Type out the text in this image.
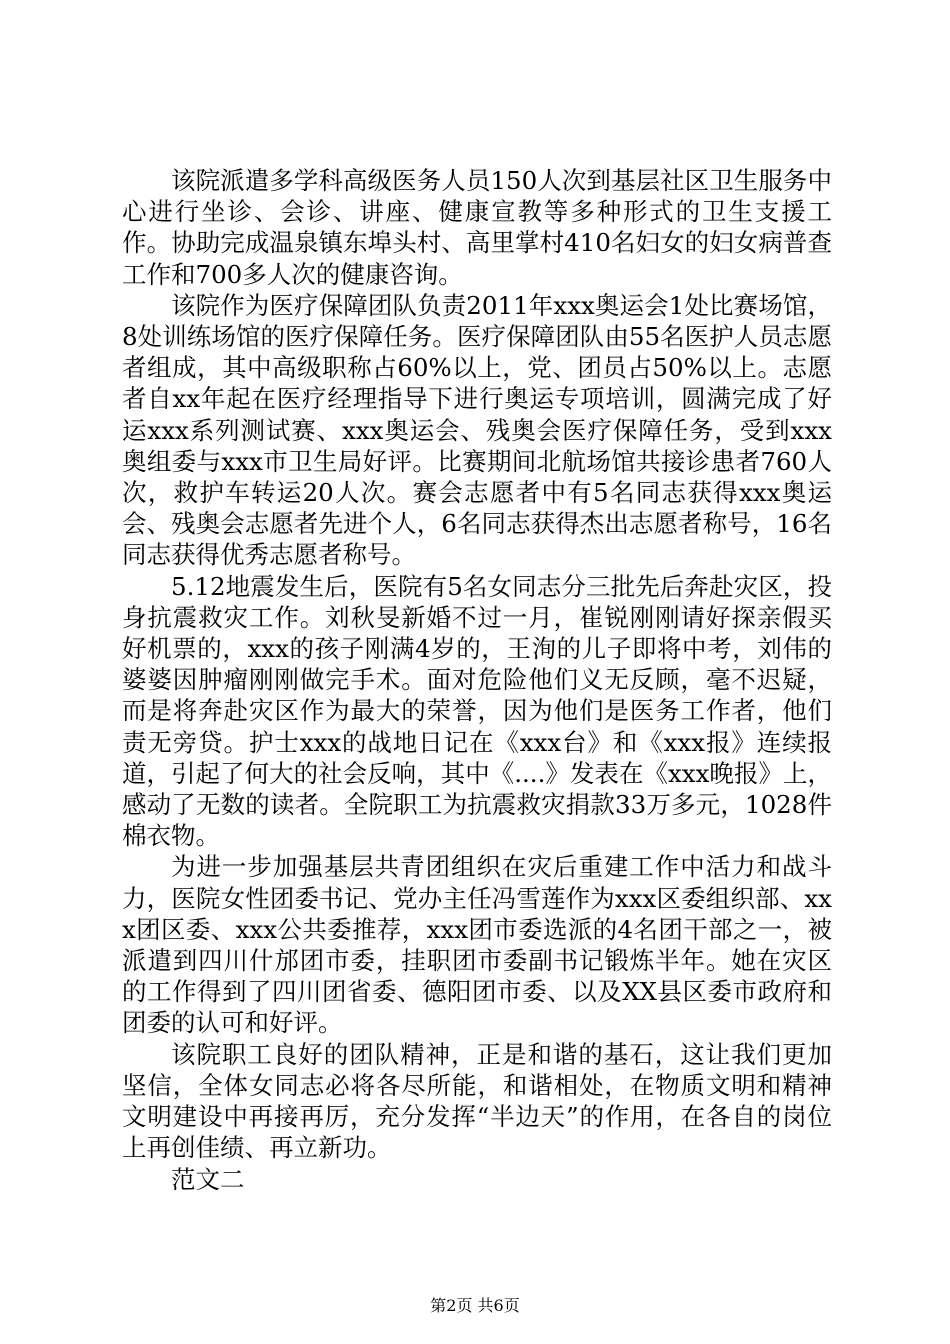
该院派遣多学科高级医务人员150人次到基层社区卫生服务中心进行坐诊、会诊、讲座、健康宣教等多种形式的卫生支援工作。协助完成温泉镇东埠头村、高里掌村410名妇女的妇女病普查工作和700多人次的健康咨询。

该院作为医疗保障团队负责2011年xxx奥运会1处比赛场馆，8处训练场馆的医疗保障任务。医疗保障团队由55名医护人员志愿者组成，其中高级职称占60%以上，党、团员占50%以上。志愿者自xx年起在医疗经理指导下进行奥运专项培训，圆满完成了好运xxx系列测试赛、xxx奥运会、残奥会医疗保障任务，受到xxx奥组委与xxx市卫生局好评。比赛期间北航场馆共接诊患者760人次，救护车转运20人次。赛会志愿者中有5名同志获得xxx奥运会、残奥会志愿者先进个人，6名同志获得杰出志愿者称号，16名同志获得优秀志愿者称号。

5.12地震发生后，医院有5名女同志分三批先后奔赴灾区，投身抗震救灾工作。刘秋旻新婚不过一月，崔锐刚刚请好探亲假买好机票的，xxx的孩子刚满4岁的，王洵的儿子即将中考，刘伟的婆婆因肿瘤刚刚做完手术。面对危险他们义无反顾，毫不迟疑，而是将奔赴灾区作为最大的荣誉，因为他们是医务工作者，他们责无旁贷。护士xxx的战地日记在《xxx台》和《xxx报》连续报道，引起了何大的社会反响，其中《....》发表在《xxx晚报》上，感动了无数的读者。全院职工为抗震救灾捐款33万多元，1028件棉衣物。

为进一步加强基层共青团组织在灾后重建工作中活力和战斗力，医院女性团委书记、党办主任冯雪莲作为xxx区委组织部、xxx团区委、xxx公共委推荐，xxx团市委选派的4名团干部之一，被派遣到四川什邡团市委，挂职团市委副书记锻炼半年。她在灾区的工作得到了四川团省委、德阳团市委、以及XX县区委市政府和团委的认可和好评。

该院职工良好的团队精神，正是和谐的基石，这让我们更加坚信，全体女同志必将各尽所能，和谐相处，在物质文明和精神文明建设中再接再厉，充分发挥“半边天”的作用，在各自的岗位上再创佳绩、再立新功。

范文二

第2页 共6页
